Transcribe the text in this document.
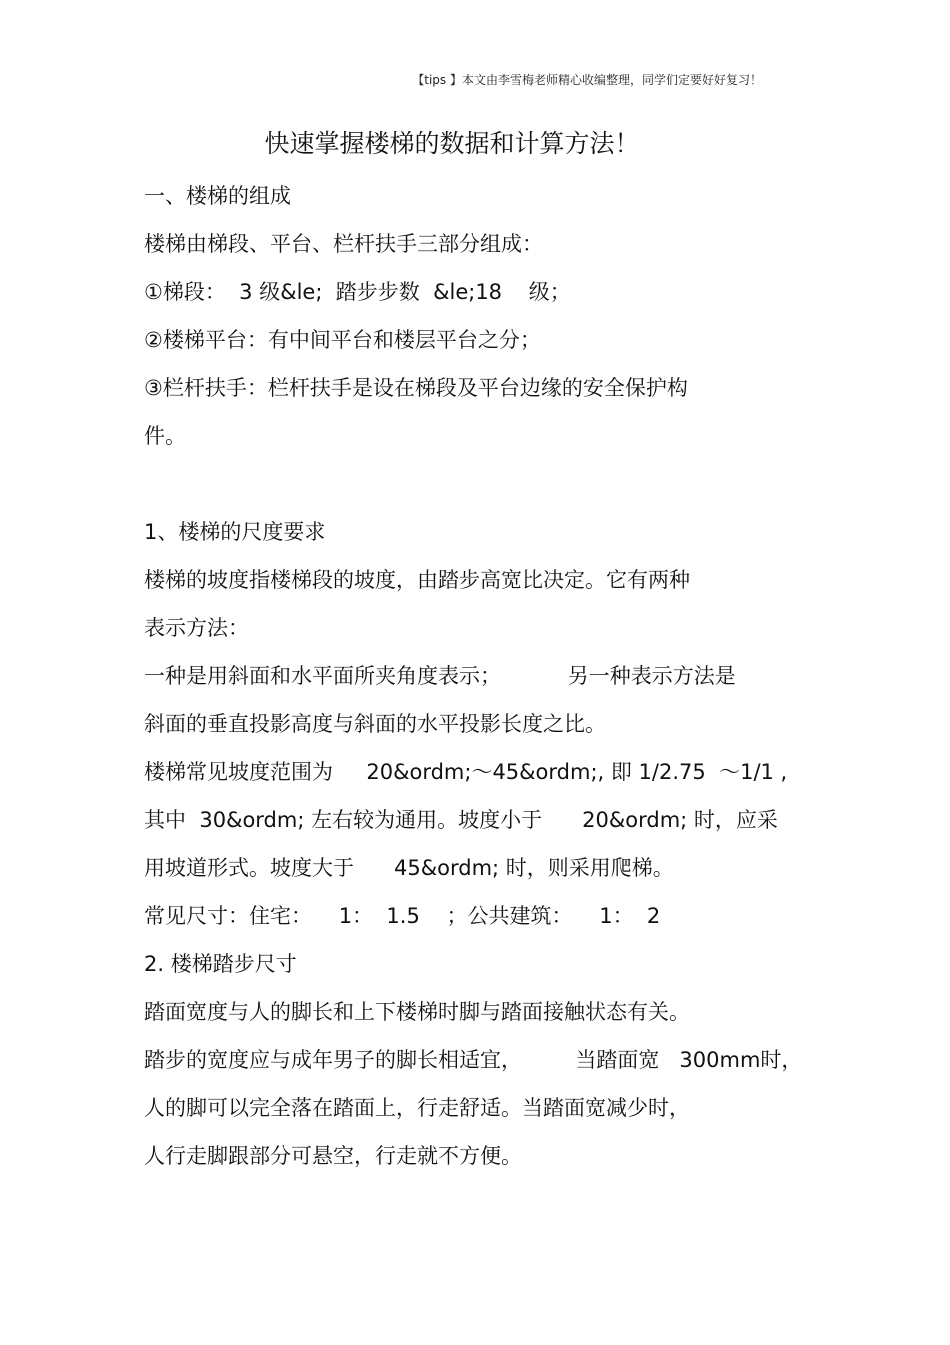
【tips 】本文由李雪梅老师精心收编整理，同学们定要好好复习！
快速掌握楼梯的数据和计算方法！
一、楼梯的组成
楼梯由梯段、平台、栏杆扶手三部分组成：
①梯段：  3 级&le;  踏步步数  &le;18    级；
②楼梯平台：有中间平台和楼层平台之分；
③栏杆扶手：栏杆扶手是设在梯段及平台边缘的安全保护构
件。
1、楼梯的尺度要求
楼梯的坡度指楼梯段的坡度，由踏步高宽比决定。它有两种
表示方法：
一种是用斜面和水平面所夹角度表示；          另一种表示方法是
斜面的垂直投影高度与斜面的水平投影长度之比。
楼梯常见坡度范围为     20&ordm;～45&ordm;, 即 1/2.75  ～1/1 ,
其中  30&ordm; 左右较为通用。坡度小于      20&ordm; 时，应采
用坡道形式。坡度大于      45&ordm; 时，则采用爬梯。
常见尺寸：住宅：    1：  1.5    ；公共建筑：    1：  2
2. 楼梯踏步尺寸
踏面宽度与人的脚长和上下楼梯时脚与踏面接触状态有关。
踏步的宽度应与成年男子的脚长相适宜，        当踏面宽   300mm时，
人的脚可以完全落在踏面上，行走舒适。当踏面宽减少时，
人行走脚跟部分可悬空，行走就不方便。
